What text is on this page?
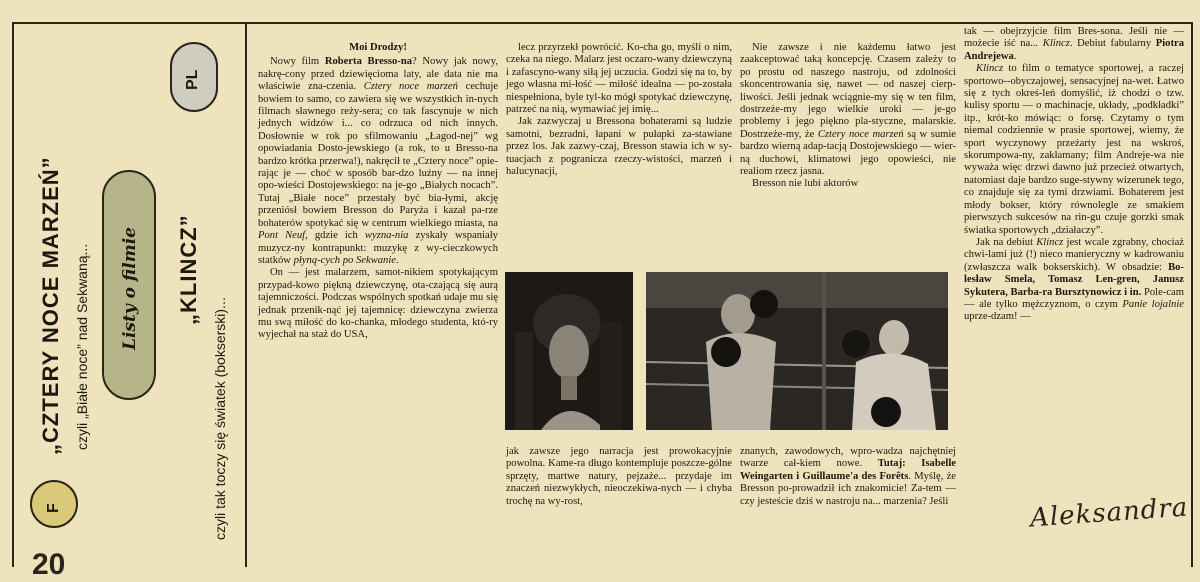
„CZTERY NOCE MARZEŃ” czyli „Białe noce” nad Sekwaną... Listy o filmie „KLINCZ”
czyli tak toczy się światek (bokserski)...
F
PL

Moi Drodzy!

Nowy film Roberta Bresso-na? Nowy jak nowy, nakrę-cony przed dziewięcioma laty, ale data nie ma właściwie zna-czenia. Cztery noce marzeń cechuje bowiem to samo, co zawiera się we wszystkich in-nych filmach sławnego reży-sera; co tak fascynuje w nich jednych widzów i... co odrzuca od nich innych. Dosłownie w rok po sfilmowaniu „Łagod-nej” wg opowiadania Dosto-jewskiego (a rok, to u Bresso-na bardzo krótka przerwa!), nakręcił te „Cztery noce” opie-rając je — choć w sposób bar-dzo luźny — na innej opo-wieści Dostojewskiego: na je-go „Białych nocach”. Tutaj „Białe noce” przestały być bia-łymi, akcję przeniósł bowiem Bresson do Paryża i kazał pa-rze bohaterów spotykać się w centrum wielkiego miasta, na Pont Neuf, gdzie ich wyzna-nia zyskały wspaniały muzycz-ny kontrapunkt: muzykę z wy-cieczkowych statków płyną-cych po Sekwanie.

On — jest malarzem, samot-nikiem spotykającym przypad-kowo piękną dziewczynę, ota-czającą się aurą tajemniczości. Podczas wspólnych spotkań udaje mu się jednak przenik-nąć jej tajemnicę: dziewczyna zwierza mu swą miłość do ko-chanka, młodego studenta, któ-ry wyjechał na staż do USA,

lecz przyrzekł powrócić. Ko-cha go, myśli o nim, czeka na niego. Malarz jest oczaro-wany dziewczyną i zafascyno-wany siłą jej uczucia. Godzi się na to, by jego własna mi-łość — miłość idealna — po-została niespełniona, byle tyl-ko mógł spotykać dziewczynę, patrzeć na nią, wymawiać jej imię...

Jak zazwyczaj u Bressona bohaterami są ludzie samotni, bezradni, łapani w pułapki za-stawiane przez los. Jak zazwy-czaj, Bresson stawia ich w sy-tuacjach z pogranicza rzeczy-wistości, marzeń i halucynacji,

jak zawsze jego narracja jest prowokacyjnie powolna. Kame-ra długo kontempluje poszcze-gólne sprzęty, martwe natury, pejzaże... przydaje im znaczeń niezwykłych, nieoczekiwa-nych — i chyba trochę na wy-rost,

Nie zawsze i nie każdemu łatwo jest zaakceptować taką koncepcję. Czasem zależy to po prostu od naszego nastroju, od zdolności skoncentrowania się, nawet — od naszej cierp-liwości. Jeśli jednak wciągnie-my się w ten film, dostrzeże-my jego wielkie uroki — je-go problemy i jego piękno pla-styczne, malarskie. Dostrzeże-my, że Cztery noce marzeń są w sumie bardzo wierną adap-tacją Dostojewskiego — wier-ną duchowi, klimatowi jego opowieści, nie realiom rzecz jasna.

Bresson nie lubi aktorów

znanych, zawodowych, wpro-wadza najchętniej twarze cał-kiem nowe. Tutaj: Isabelle Weingarten i Guillaume'a des Forêts. Myślę, że Bresson po-prowadził ich znakomicie! Za-tem — czy jesteście dziś w nastroju na... marzenia? Jeśli

tak — obejrzyjcie film Bres-sona. Jeśli nie — możecie iść na... Klincz. Debiut fabularny Piotra Andrejewa.

Klincz to film o tematyce sportowej, a raczej sportowo--obyczajowej, sensacyjnej na-wet. Łatwo się z tych okreś-leń domyślić, iż chodzi o tzw. kulisy sportu — o machinacje, układy, „podkładki” itp., krót-ko mówiąc: o forsę. Czytamy o tym niemal codziennie w prasie sportowej, wiemy, że sport wyczynowy przeżarty jest na wskroś, skorumpowa-ny, zakłamany; film Andreje-wa nie wyważa więc drzwi dawno już przecież otwartych, natomiast daje bardzo suge-stywny wizerunek tego, co znajduje się za tymi drzwiami. Bohaterem jest młody bokser, który równolegle ze smakiem pierwszych sukcesów na rin-gu czuje gorzki smak światka sportowych „działaczy”.

Jak na debiut Klincz jest wcale zgrabny, chociaż chwi-lami już (!) nieco manieryczny w kadrowaniu (zwłaszcza walk bokserskich). W obsadzie: Bo-lesław Smela, Tomasz Len-gren, Janusz Sykutera, Barba-ra Bursztynowicz i in. Pole-cam — ale tylko mężczyznom, o czym Panie lojalnie uprze-dzam! —

Aleksandra
20
